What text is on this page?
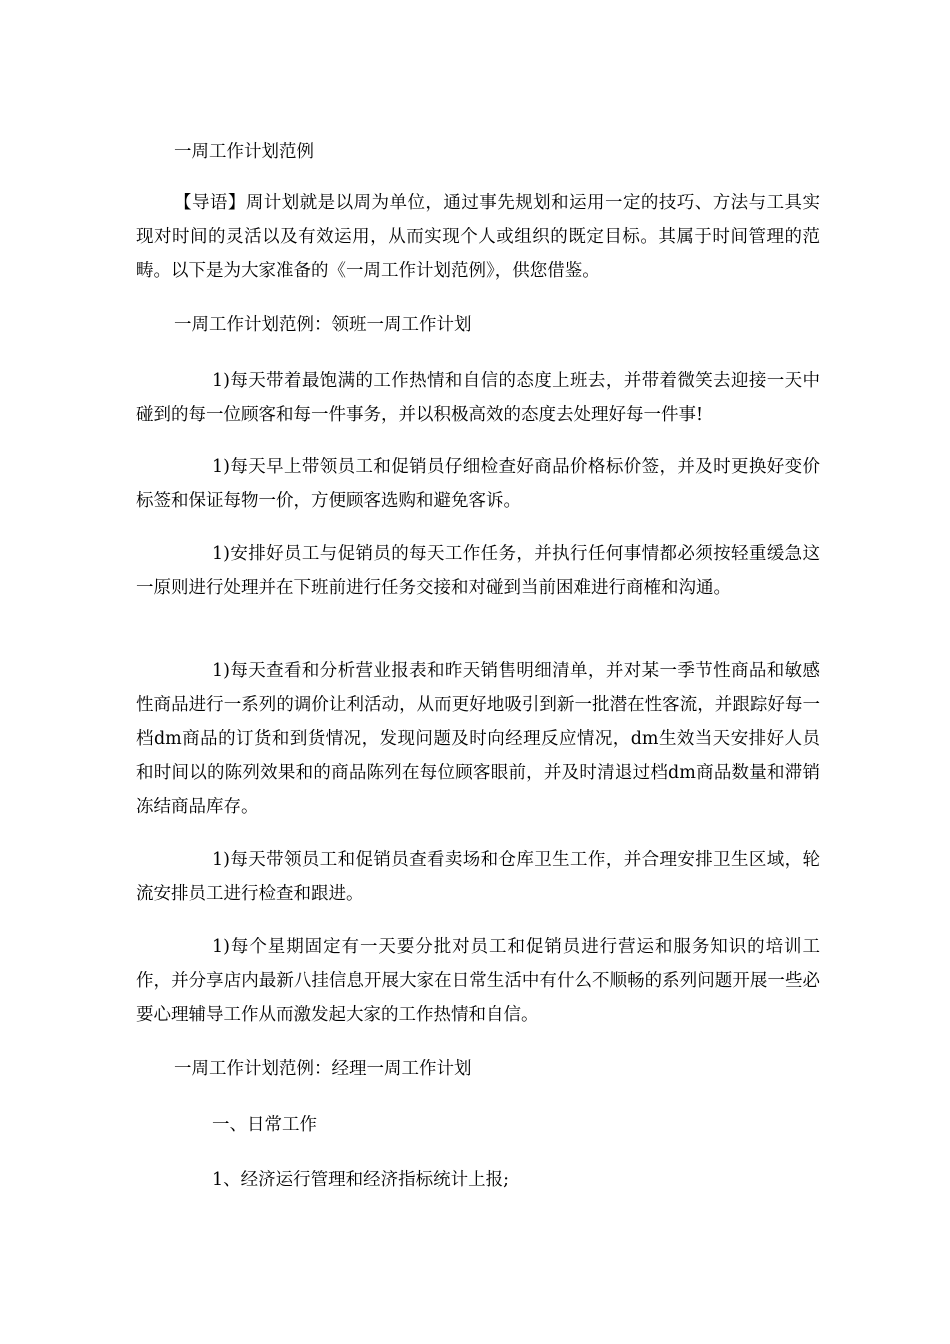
一周工作计划范例

【导语】周计划就是以周为单位，通过事先规划和运用一定的技巧、方法与工具实现对时间的灵活以及有效运用，从而实现个人或组织的既定目标。其属于时间管理的范畴。以下是为大家准备的《一周工作计划范例》，供您借鉴。

一周工作计划范例：领班一周工作计划

1)每天带着最饱满的工作热情和自信的态度上班去，并带着微笑去迎接一天中碰到的每一位顾客和每一件事务，并以积极高效的态度去处理好每一件事!

1)每天早上带领员工和促销员仔细检查好商品价格标价签，并及时更换好变价标签和保证每物一价，方便顾客选购和避免客诉。

1)安排好员工与促销员的每天工作任务，并执行任何事情都必须按轻重缓急这一原则进行处理并在下班前进行任务交接和对碰到当前困难进行商榷和沟通。

1)每天查看和分析营业报表和昨天销售明细清单，并对某一季节性商品和敏感性商品进行一系列的调价让利活动，从而更好地吸引到新一批潜在性客流，并跟踪好每一档dm商品的订货和到货情况，发现问题及时向经理反应情况，dm生效当天安排好人员和时间以的陈列效果和的商品陈列在每位顾客眼前，并及时清退过档dm商品数量和滞销冻结商品库存。

1)每天带领员工和促销员查看卖场和仓库卫生工作，并合理安排卫生区域，轮流安排员工进行检查和跟进。

1)每个星期固定有一天要分批对员工和促销员进行营运和服务知识的培训工作，并分享店内最新八挂信息开展大家在日常生活中有什么不顺畅的系列问题开展一些必要心理辅导工作从而激发起大家的工作热情和自信。

一周工作计划范例：经理一周工作计划

一、日常工作

1、经济运行管理和经济指标统计上报;
